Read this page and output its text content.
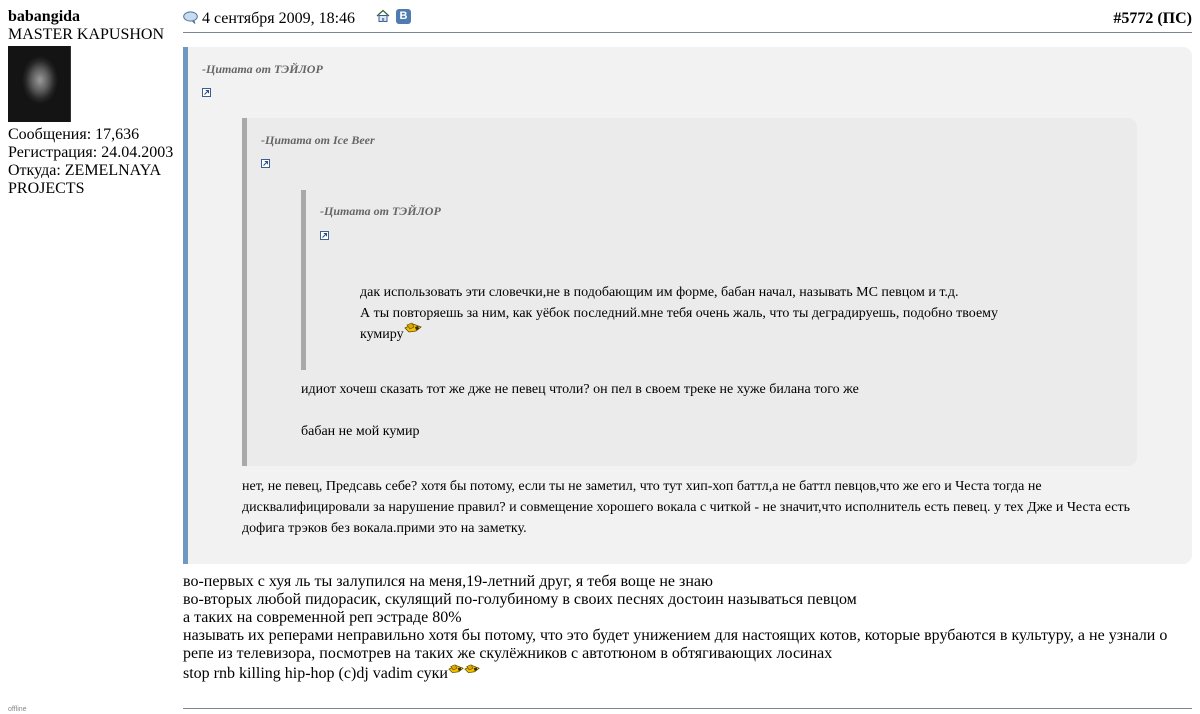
babangida
MASTER KAPUSHON
Сообщения: 17,636
Регистрация: 24.04.2003
Откуда: ZEMELNAYA
PROJECTS
offline
4 сентября 2009, 18:46	B	#5772 (ПС)
-Цитата от ТЭЙЛОР
нет, не певец, Предсавь себе? хотя бы потому, если ты не заметил, что тут хип-хоп баттл,а не баттл певцов,что же его и Честа тогда не
дисквалифицировали за нарушение правил? и совмещение хорошего вокала с читкой - не значит,что исполнитель есть певец. у тех Дже и Честа есть
дофига трэков без вокала.прими это на заметку.
-Цитата от Ice Beer
идиот хочеш сказать тот же дже не певец чтоли? он пел в своем треке не хуже билана того же
бабан не мой кумир
-Цитата от ТЭЙЛОР
дак использовать эти словечки,не в подобающим им форме, бабан начал, называть МС певцом и т.д.
А ты повторяешь за ним, как уёбок последний.мне тебя очень жаль, что ты деградируешь, подобно твоему
кумиру
во-первых с хуя ль ты залупился на меня,19-летний друг, я тебя воще не знаю
во-вторых любой пидорасик, скулящий по-голубиному в своих песнях достоин называться певцом
а таких на современной реп эстраде 80%
называть их реперами неправильно хотя бы потому, что это будет унижением для настоящих котов, которые врубаются в культуру, а не узнали о
репе из телевизора, посмотрев на таких же скулёжников с автотюном в обтягивающих лосинах
stop rnb killing hip-hop (c)dj vadim суки
